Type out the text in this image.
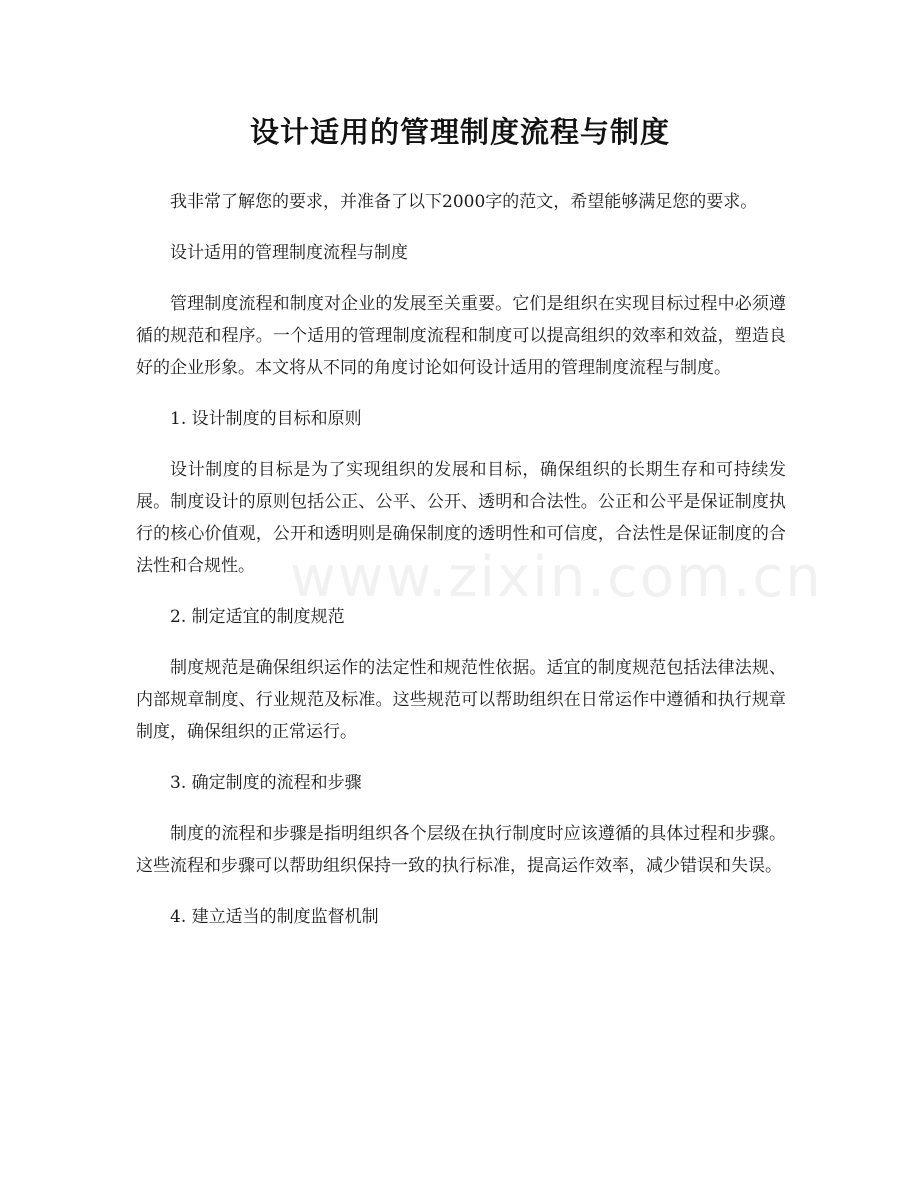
设计适用的管理制度流程与制度

我非常了解您的要求，并准备了以下2000字的范文，希望能够满足您的要求。

设计适用的管理制度流程与制度

管理制度流程和制度对企业的发展至关重要。它们是组织在实现目标过程中必须遵循的规范和程序。一个适用的管理制度流程和制度可以提高组织的效率和效益，塑造良好的企业形象。本文将从不同的角度讨论如何设计适用的管理制度流程与制度。

1. 设计制度的目标和原则

设计制度的目标是为了实现组织的发展和目标，确保组织的长期生存和可持续发展。制度设计的原则包括公正、公平、公开、透明和合法性。公正和公平是保证制度执行的核心价值观，公开和透明则是确保制度的透明性和可信度，合法性是保证制度的合法性和合规性。

2. 制定适宜的制度规范

制度规范是确保组织运作的法定性和规范性依据。适宜的制度规范包括法律法规、内部规章制度、行业规范及标准。这些规范可以帮助组织在日常运作中遵循和执行规章制度，确保组织的正常运行。

3. 确定制度的流程和步骤

制度的流程和步骤是指明组织各个层级在执行制度时应该遵循的具体过程和步骤。这些流程和步骤可以帮助组织保持一致的执行标准，提高运作效率，减少错误和失误。

4. 建立适当的制度监督机制

www.zixin.com.cn
